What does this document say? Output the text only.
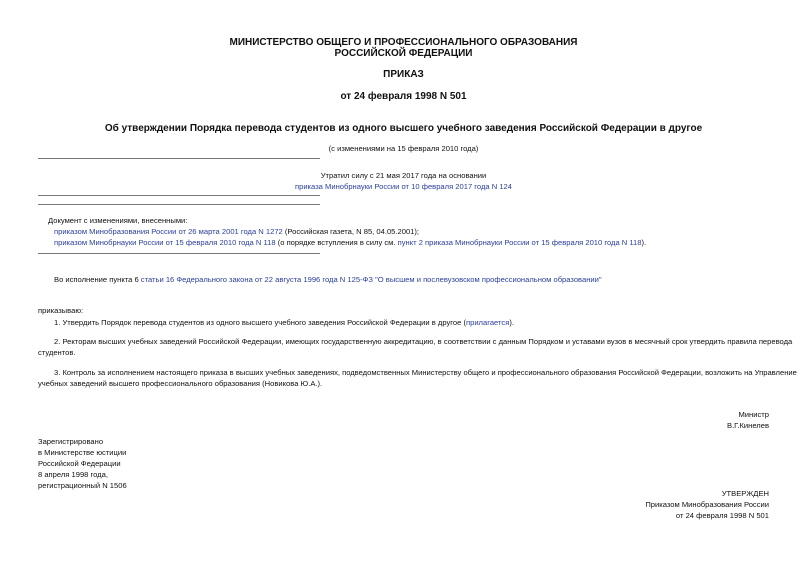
МИНИСТЕРСТВО ОБЩЕГО И ПРОФЕССИОНАЛЬНОГО ОБРАЗОВАНИЯ
РОССИЙСКОЙ ФЕДЕРАЦИИ
ПРИКАЗ
от 24 февраля 1998 N 501
Об утверждении Порядка перевода студентов из одного высшего учебного заведения Российской Федерации в другое
(с изменениями на 15 февраля 2010 года)
Утратил силу с 21 мая 2017 года на основании
приказа Минобрнауки России от 10 февраля 2017 года N 124
Документ с изменениями, внесенными:
приказом Минобразования России от 26 марта 2001 года N 1272 (Российская газета, N 85, 04.05.2001);
приказом Минобрнауки России от 15 февраля 2010 года N 118 (о порядке вступления в силу см. пункт 2 приказа Минобрнауки России от 15 февраля 2010 года N 118).
Во исполнение пункта 6 статьи 16 Федерального закона от 22 августа 1996 года N 125-ФЗ "О высшем и послевузовском профессиональном образовании"
приказываю:
1. Утвердить Порядок перевода студентов из одного высшего учебного заведения Российской Федерации в другое (прилагается).
2. Ректорам высших учебных заведений Российской Федерации, имеющих государственную аккредитацию, в соответствии с данным Порядком и уставами вузов в месячный срок утвердить правила перевода
студентов.
3. Контроль за исполнением настоящего приказа в высших учебных заведениях, подведомственных Министерству общего и профессионального образования Российской Федерации, возложить на Управление
учебных заведений высшего профессионального образования (Новикова Ю.А.).
Министр
В.Г.Кинелев
Зарегистрировано
в Министерстве юстиции
Российской Федерации
8 апреля 1998 года,
регистрационный N 1506
УТВЕРЖДЕН
Приказом Минобразования России
от 24 февраля 1998 N 501
